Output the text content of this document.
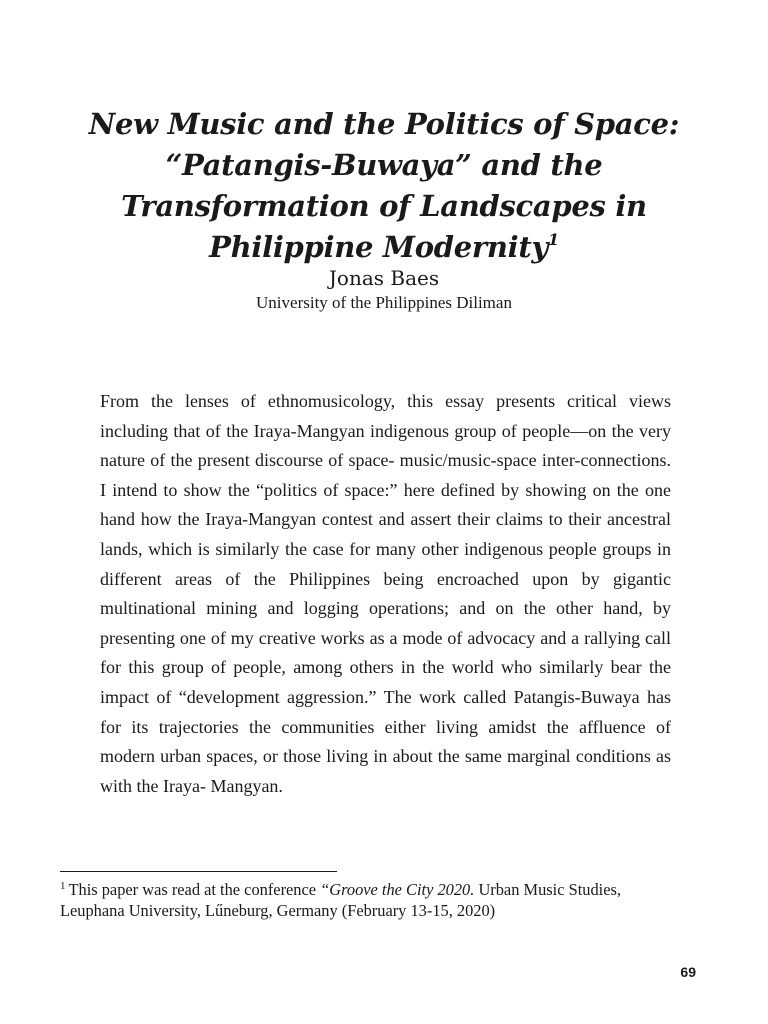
New Music and the Politics of Space: “Patangis-Buwaya” and the Transformation of Landscapes in Philippine Modernity$^1$
Jonas Baes
University of the Philippines Diliman

From the lenses of ethnomusicology, this essay presents critical views including that of the Iraya-Mangyan indigenous group of people—on the very nature of the present discourse of space- music/music-space inter-connections. I intend to show the “politics of space:” here defined by showing on the one hand how the Iraya-Mangyan contest and assert their claims to their ancestral lands, which is similarly the case for many other indigenous people groups in different areas of the Philippines being encroached upon by gigantic multinational mining and logging operations; and on the other hand, by presenting one of my creative works as a mode of advocacy and a rallying call for this group of people, among others in the world who similarly bear the impact of “development aggression.” The work called Patangis-Buwaya has for its trajectories the communities either living amidst the affluence of modern urban spaces, or those living in about the same marginal conditions as with the Iraya- Mangyan.

$^1$ This paper was read at the conference “Groove the City 2020. Urban Music Studies, Leuphana University, Lűneburg, Germany (February 13-15, 2020)

69
